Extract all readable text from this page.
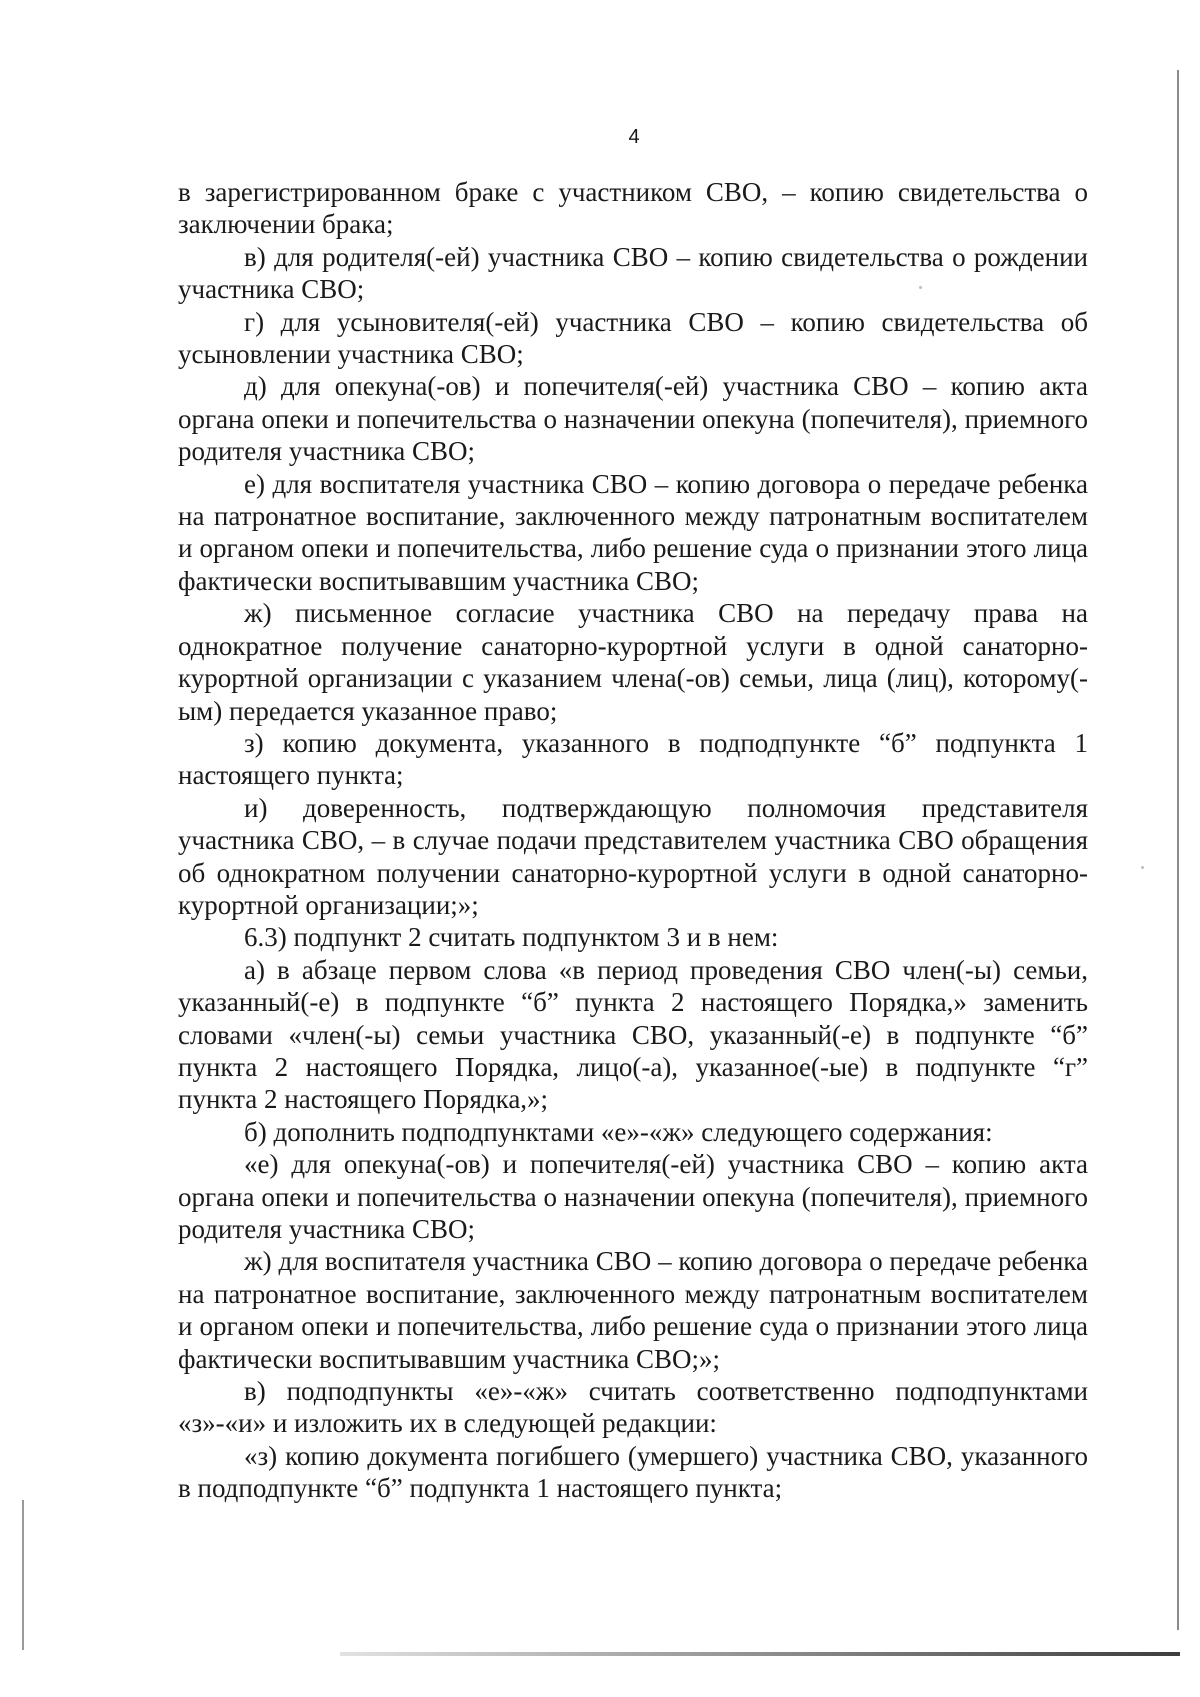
4

в зарегистрированном браке с участником СВО, – копию свидетельства о заключении брака;

в) для родителя(-ей) участника СВО – копию свидетельства о рождении участника СВО;

г) для усыновителя(-ей) участника СВО – копию свидетельства об усыновлении участника СВО;

д) для опекуна(-ов) и попечителя(-ей) участника СВО – копию акта органа опеки и попечительства о назначении опекуна (попечителя), приемного родителя участника СВО;

е) для воспитателя участника СВО – копию договора о передаче ребенка на патронатное воспитание, заключенного между патронатным воспитателем и органом опеки и попечительства, либо решение суда о признании этого лица фактически воспитывавшим участника СВО;

ж) письменное согласие участника СВО на передачу права на однократное получение санаторно-курортной услуги в одной санаторно-курортной организации с указанием члена(-ов) семьи, лица (лиц), которому(-ым) передается указанное право;

з) копию документа, указанного в подподпункте “б” подпункта 1 настоящего пункта;

и) доверенность, подтверждающую полномочия представителя участника СВО, – в случае подачи представителем участника СВО обращения об однократном получении санаторно-курортной услуги в одной санаторно-курортной организации;»;

6.3) подпункт 2 считать подпунктом 3 и в нем:

а) в абзаце первом слова «в период проведения СВО член(-ы) семьи, указанный(-е) в подпункте “б” пункта 2 настоящего Порядка,» заменить словами «член(-ы) семьи участника СВО, указанный(-е) в подпункте “б” пункта 2 настоящего Порядка, лицо(-а), указанное(-ые) в подпункте “г” пункта 2 настоящего Порядка,»;

б) дополнить подподпунктами «е»-«ж» следующего содержания:

«е) для опекуна(-ов) и попечителя(-ей) участника СВО – копию акта органа опеки и попечительства о назначении опекуна (попечителя), приемного родителя участника СВО;

ж) для воспитателя участника СВО – копию договора о передаче ребенка на патронатное воспитание, заключенного между патронатным воспитателем и органом опеки и попечительства, либо решение суда о признании этого лица фактически воспитывавшим участника СВО;»;

в) подподпункты «е»-«ж» считать соответственно подподпунктами «з»-«и» и изложить их в следующей редакции:

«з) копию документа погибшего (умершего) участника СВО, указанного в подподпункте “б” подпункта 1 настоящего пункта;
